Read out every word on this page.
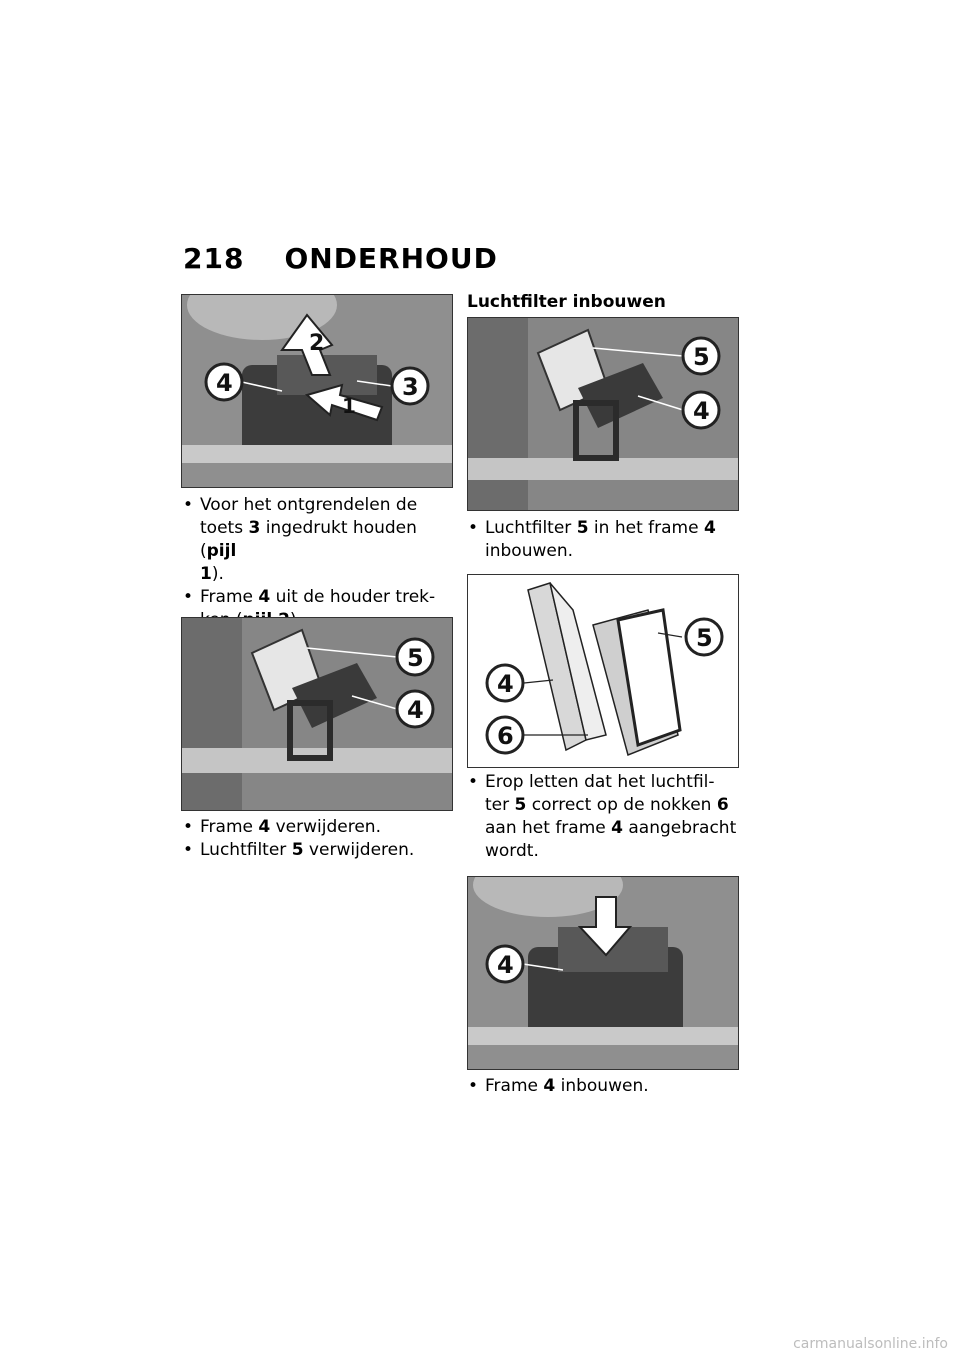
218 ONDERHOUD
2
1
4	3

• Voor het ontgrendelen de
toets 3 ingedrukt houden (pijl
1).

• Frame 4 uit de houder trek-

5
4

• Frame 4 verwijderen.

• Luchtfilter 5 verwijderen.

Luchtfilter inbouwen
5
4

• Luchtfilter 5 in het frame 4
inbouwen.

4
6
5

• Erop letten dat het luchtfil-
ter 5 correct op de nokken 6
aan het frame 4 aangebracht
wordt.

4

• Frame 4 inbouwen.

carmanualsonline.info
